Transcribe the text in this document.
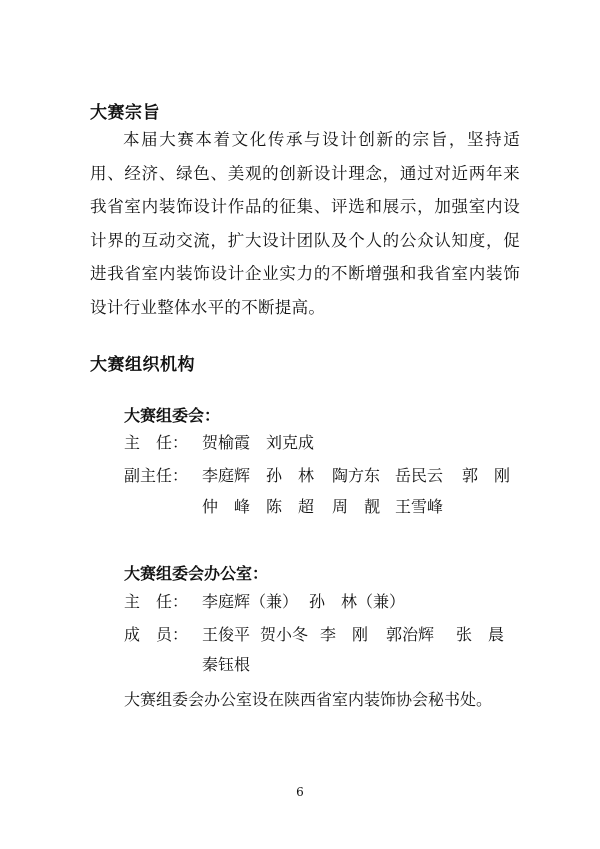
大赛宗旨
本届大赛本着文化传承与设计创新的宗旨，坚持适用、经济、绿色、美观的创新设计理念，通过对近两年来我省室内装饰设计作品的征集、评选和展示，加强室内设计界的互动交流，扩大设计团队及个人的公众认知度，促进我省室内装饰设计企业实力的不断增强和我省室内装饰设计行业整体水平的不断提高。
大赛组织机构
大赛组委会：
主　任： 贺榆霞 刘克成
副主任： 李庭辉 孙　林 陶方东 岳民云 郭　刚
仲　峰 陈　超 周　靓 王雪峰
大赛组委会办公室：
主　任： 李庭辉（兼） 孙　林（兼）
成　员： 王俊平 贺小冬 李　刚 郭治辉 张　晨
秦钰根
大赛组委会办公室设在陕西省室内装饰协会秘书处。
6
